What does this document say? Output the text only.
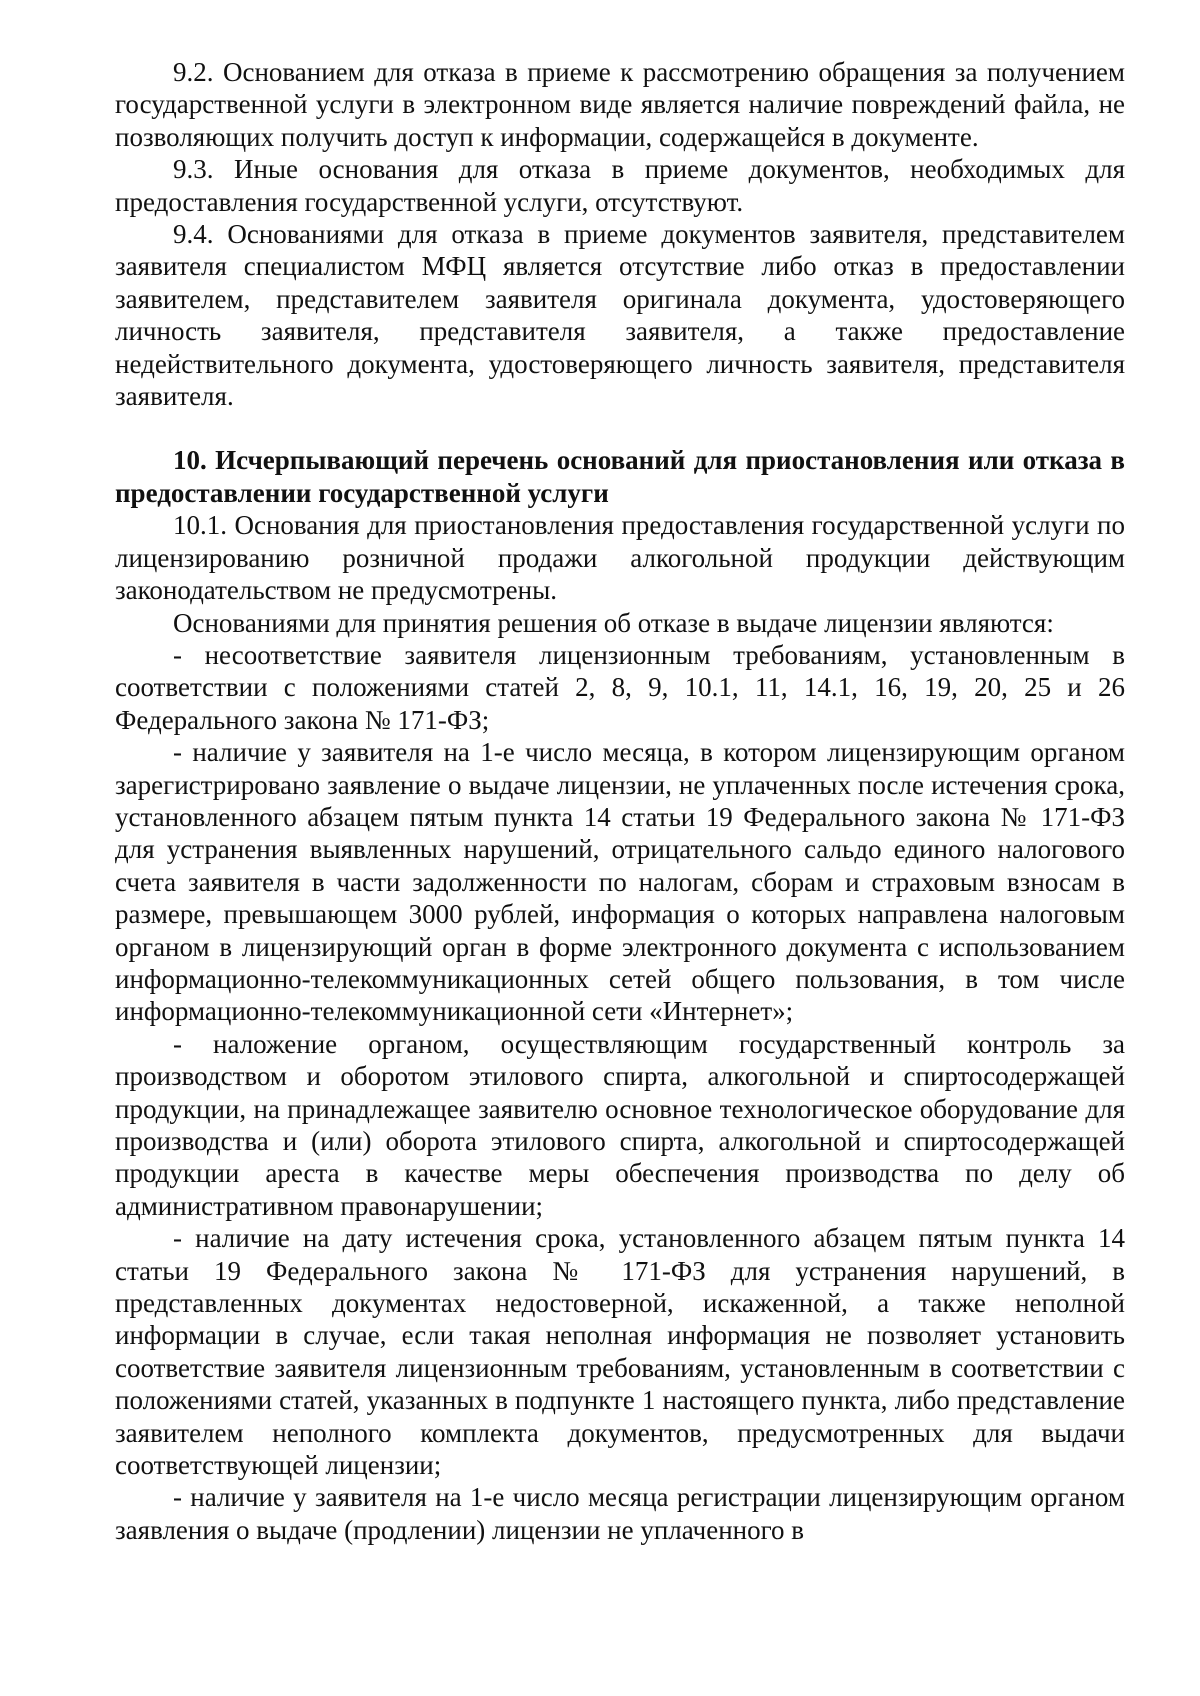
9.2. Основанием для отказа в приеме к рассмотрению обращения за получением государственной услуги в электронном виде является наличие повреждений файла, не позволяющих получить доступ к информации, содержащейся в документе.

9.3. Иные основания для отказа в приеме документов, необходимых для предоставления государственной услуги, отсутствуют.

9.4. Основаниями для отказа в приеме документов заявителя, представителем заявителя специалистом МФЦ является отсутствие либо отказ в предоставлении заявителем, представителем заявителя оригинала документа, удостоверяющего личность заявителя, представителя заявителя, а также предоставление недействительного документа, удостоверяющего личность заявителя, представителя заявителя.

10. Исчерпывающий перечень оснований для приостановления или отказа в предоставлении государственной услуги

10.1. Основания для приостановления предоставления государственной услуги по лицензированию розничной продажи алкогольной продукции действующим законодательством не предусмотрены.

Основаниями для принятия решения об отказе в выдаче лицензии являются:

- несоответствие заявителя лицензионным требованиям, установленным в соответствии с положениями статей 2, 8, 9, 10.1, 11, 14.1, 16, 19, 20, 25 и 26 Федерального закона № 171-ФЗ;

- наличие у заявителя на 1-е число месяца, в котором лицензирующим органом зарегистрировано заявление о выдаче лицензии, не уплаченных после истечения срока, установленного абзацем пятым пункта 14 статьи 19 Федерального закона № 171-ФЗ для устранения выявленных нарушений, отрицательного сальдо единого налогового счета заявителя в части задолженности по налогам, сборам и страховым взносам в размере, превышающем 3000 рублей, информация о которых направлена налоговым органом в лицензирующий орган в форме электронного документа с использованием информационно-телекоммуникационных сетей общего пользования, в том числе информационно-телекоммуникационной сети «Интернет»;

- наложение органом, осуществляющим государственный контроль за производством и оборотом этилового спирта, алкогольной и спиртосодержащей продукции, на принадлежащее заявителю основное технологическое оборудование для производства и (или) оборота этилового спирта, алкогольной и спиртосодержащей продукции ареста в качестве меры обеспечения производства по делу об административном правонарушении;

- наличие на дату истечения срока, установленного абзацем пятым пункта 14 статьи 19 Федерального закона № 171-ФЗ для устранения нарушений, в представленных документах недостоверной, искаженной, а также неполной информации в случае, если такая неполная информация не позволяет установить соответствие заявителя лицензионным требованиям, установленным в соответствии с положениями статей, указанных в подпункте 1 настоящего пункта, либо представление заявителем неполного комплекта документов, предусмотренных для выдачи соответствующей лицензии;

- наличие у заявителя на 1-е число месяца регистрации лицензирующим органом заявления о выдаче (продлении) лицензии не уплаченного в
